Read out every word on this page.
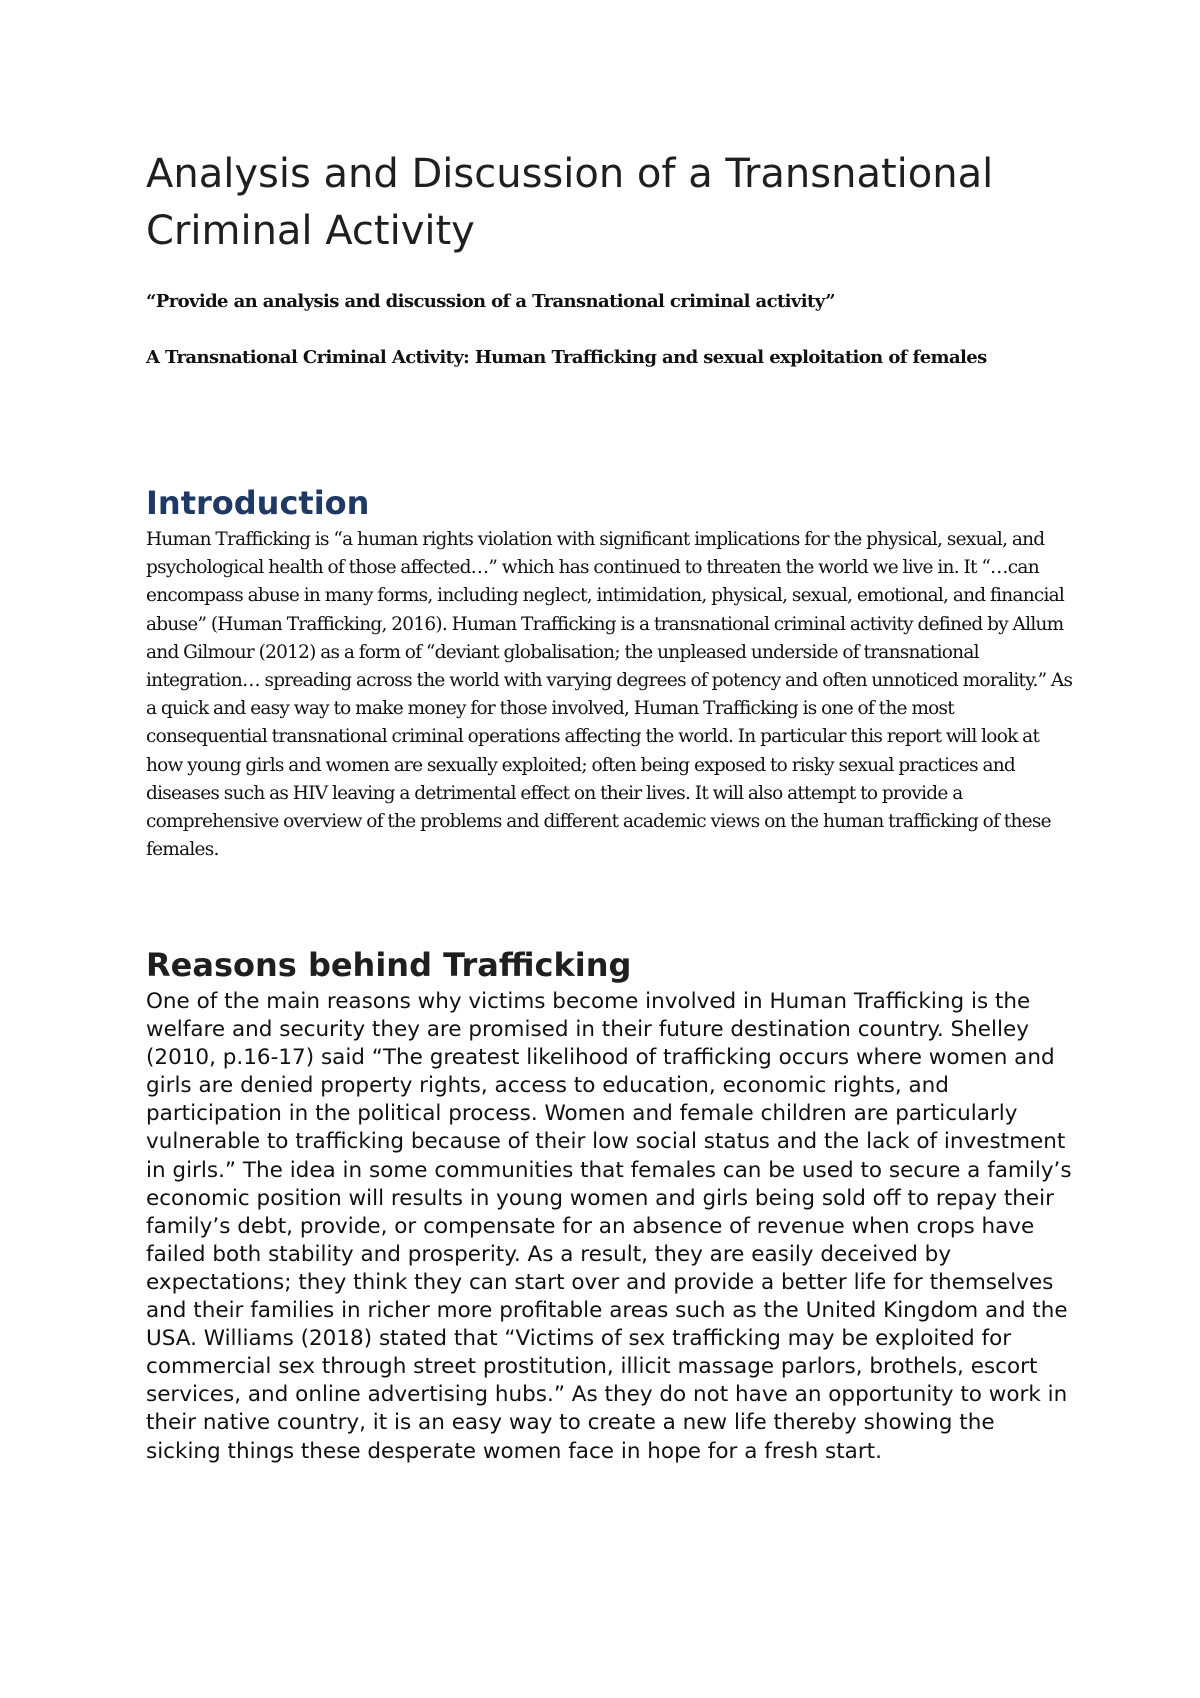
Analysis and Discussion of a Transnational Criminal Activity

“Provide an analysis and discussion of a Transnational criminal activity”

A Transnational Criminal Activity: Human Trafficking and sexual exploitation of females

Introduction

Human Trafficking is “a human rights violation with significant implications for the physical, sexual, and psychological health of those affected…” which has continued to threaten the world we live in. It “…can encompass abuse in many forms, including neglect, intimidation, physical, sexual, emotional, and financial abuse” (Human Trafficking, 2016). Human Trafficking is a transnational criminal activity defined by Allum and Gilmour (2012) as a form of “deviant globalisation; the unpleased underside of transnational integration… spreading across the world with varying degrees of potency and often unnoticed morality.” As a quick and easy way to make money for those involved, Human Trafficking is one of the most consequential transnational criminal operations affecting the world. In particular this report will look at how young girls and women are sexually exploited; often being exposed to risky sexual practices and diseases such as HIV leaving a detrimental effect on their lives. It will also attempt to provide a comprehensive overview of the problems and different academic views on the human trafficking of these females.

Reasons behind Trafficking

One of the main reasons why victims become involved in Human Trafficking is the welfare and security they are promised in their future destination country. Shelley (2010, p.16-17) said “The greatest likelihood of trafficking occurs where women and girls are denied property rights, access to education, economic rights, and participation in the political process. Women and female children are particularly vulnerable to trafficking because of their low social status and the lack of investment in girls.” The idea in some communities that females can be used to secure a family’s economic position will results in young women and girls being sold off to repay their family’s debt, provide, or compensate for an absence of revenue when crops have failed both stability and prosperity. As a result, they are easily deceived by expectations; they think they can start over and provide a better life for themselves and their families in richer more profitable areas such as the United Kingdom and the USA. Williams (2018) stated that “Victims of sex trafficking may be exploited for commercial sex through street prostitution, illicit massage parlors, brothels, escort services, and online advertising hubs.” As they do not have an opportunity to work in their native country, it is an easy way to create a new life thereby showing the sicking things these desperate women face in hope for a fresh start.
